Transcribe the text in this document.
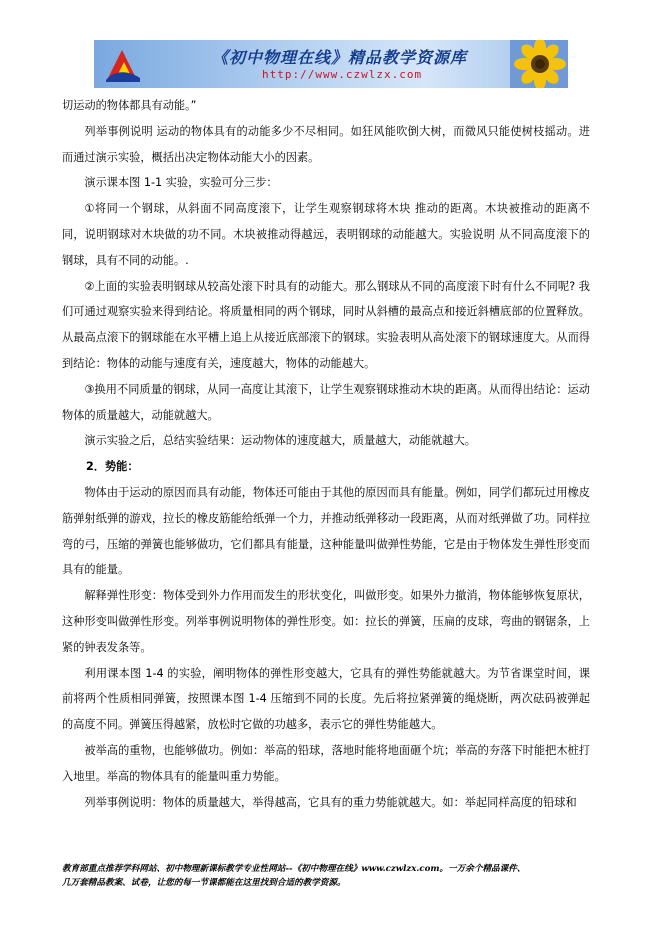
《初中物理在线》精品教学资源库
http://www.czwlzx.com

切运动的物体都具有动能。”

列举事例说明 运动的物体具有的动能多少不尽相同。如狂风能吹倒大树，而微风只能使树枝摇动。进而通过演示实验，概括出决定物体动能大小的因素。

演示课本图 1-1 实验，实验可分三步：

①将同一个钢球，从斜面不同高度滚下，让学生观察钢球将木块 推动的距离。木块被推动的距离不同，说明钢球对木块做的功不同。木块被推动得越远，表明钢球的动能越大。实验说明 从不同高度滚下的钢球，具有不同的动能。.

②上面的实验表明钢球从较高处滚下时具有的动能大。那么钢球从不同的高度滚下时有什么不同呢? 我们可通过观察实验来得到结论。将质量相同的两个钢球，同时从斜槽的最高点和接近斜槽底部的位置释放。从最高点滚下的钢球能在水平槽上追上从接近底部滚下的钢球。实验表明从高处滚下的钢球速度大。从而得到结论：物体的动能与速度有关，速度越大，物体的动能越大。

③换用不同质量的钢球，从同一高度让其滚下，让学生观察钢球推动木块的距离。从而得出结论：运动物体的质量越大，动能就越大。

演示实验之后，总结实验结果：运动物体的速度越大，质量越大，动能就越大。

2．势能：

物体由于运动的原因而具有动能，物体还可能由于其他的原因而具有能量。例如，同学们都玩过用橡皮筋弹射纸弹的游戏，拉长的橡皮筋能给纸弹一个力，并推动纸弹移动一段距离，从而对纸弹做了功。同样拉弯的弓，压缩的弹簧也能够做功，它们都具有能量，这种能量叫做弹性势能，它是由于物体发生弹性形变而具有的能量。

解释弹性形变：物体受到外力作用而发生的形状变化，叫做形变。如果外力撤消，物体能够恢复原状，这种形变叫做弹性形变。列举事例说明物体的弹性形变。如：拉长的弹簧，压扁的皮球，弯曲的钢锯条，上紧的钟表发条等。

利用课本图 1-4 的实验，阐明物体的弹性形变越大，它具有的弹性势能就越大。为节省课堂时间，课前将两个性质相同弹簧，按照课本图 1-4 压缩到不同的长度。先后将拉紧弹簧的绳烧断，两次砝码被弹起的高度不同。弹簧压得越紧，放松时它做的功越多，表示它的弹性势能越大。

被举高的重物，也能够做功。例如：举高的铅球，落地时能将地面砸个坑；举高的夯落下时能把木桩打入地里。举高的物体具有的能量叫重力势能。

列举事例说明：物体的质量越大，举得越高，它具有的重力势能就越大。如：举起同样高度的铅球和

教育部重点推荐学科网站、初中物理新课标教学专业性网站--《初中物理在线》www.czwlzx.com。一万余个精品课件、

几万套精品教案、试卷，让您的每一节课都能在这里找到合适的教学资源。
